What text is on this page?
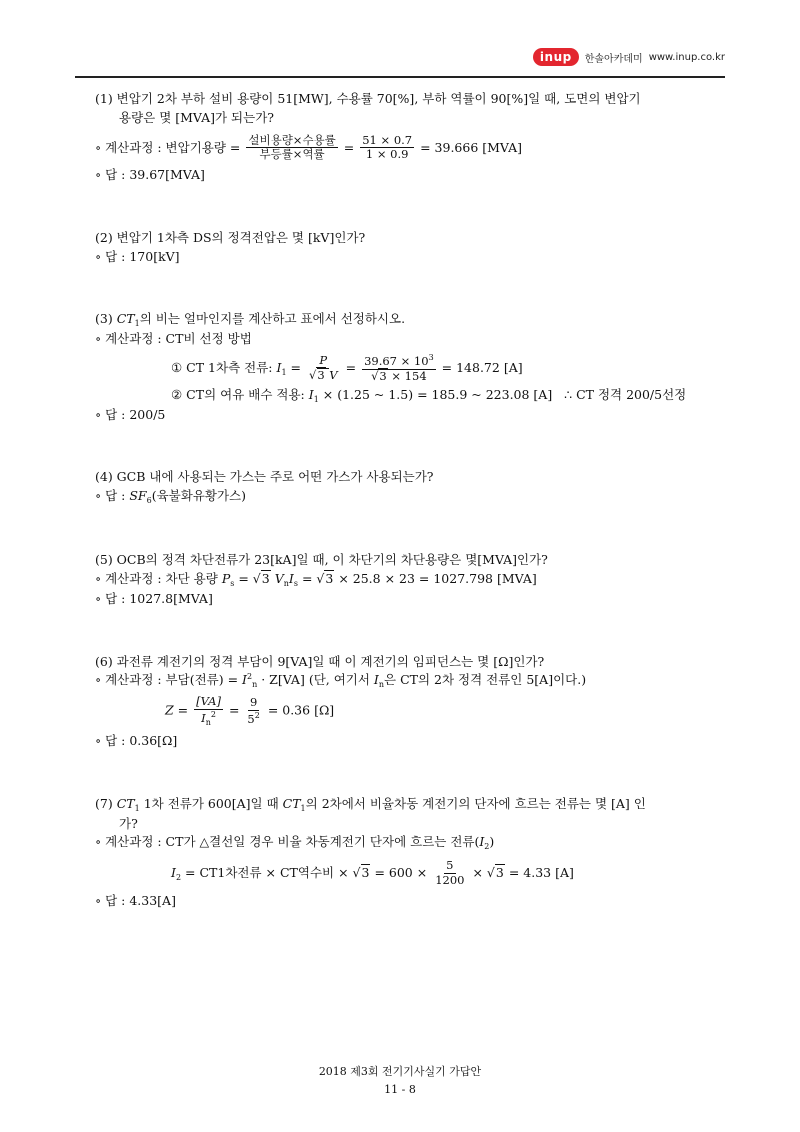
inup	한솔아카데미 www.inup.co.kr
(1) 변압기 2차 부하 설비 용량이 51[MW], 수용률 70[%], 부하 역률이 90[%]일 때, 도면의 변압기
용량은 몇 [MVA]가 되는가?
∘ 계산과정 : 변압기용량 = $\frac{\text{설비용량×수용률}}{\text{부등률×역률}} = \frac{51 \times 0.7}{1 \times 0.9} = 39.666$ [MVA]
∘ 답 : 39.67[MVA]
(2) 변압기 1차측 DS의 정격전압은 몇 [kV]인가?
∘ 답 : 170[kV]
(3) $CT_1$의 비는 얼마인지를 계산하고 표에서 선정하시오.
∘ 계산과정 : CT비 선정 방법
① CT 1차측 전류: $I_1 = \frac{P}{√3 V} = \frac{39.67 \times 10^3}{√3 \times 154} = 148.72$ [A]
② CT의 여유 배수 적용: $I_1 \times (1.25$ ~ 1.5) = 185.9 ~ 223.08 [A] ∴ CT 정격 200/5선정
∘ 답 : 200/5
(4) GCB 내에 사용되는 가스는 주로 어떤 가스가 사용되는가?
∘ 답 : $SF_6$(육불화유황가스)
(5) OCB의 정격 차단전류가 23[kA]일 때, 이 차단기의 차단용량은 몇[MVA]인가?
∘ 계산과정 : 차단 용량 $P_s = √3$ $V_nI_s = √3 \times 25.8 \times 23 = 1027.798$ [MVA]
∘ 답 : 1027.8[MVA]
(6) 과전류 계전기의 정격 부담이 9[VA]일 때 이 계전기의 임피던스는 몇 [Ω]인가?
∘ 계산과정 : 부담(전류) = $I^2_n \cdot Z[VA]$ (단, 여기서 $I_n$은 CT의 2차 정격 전류인 5[A]이다.)
$Z = \frac{[VA]}{I_n^2} = \frac{9}{5^2} = 0.36$ [Ω]
∘ 답 : 0.36[Ω]
(7) $CT_1$ 1차 전류가 600[A]일 때 $CT_1$의 2차에서 비율차동 계전기의 단자에 흐르는 전류는 몇 [A] 인
가?
∘ 계산과정 : CT가 △결선일 경우 비율 차동계전기 단자에 흐르는 전류$(I_2)$
$I_2 = CT1$차전류 × CT역수비 × $√3 = 600 \times \frac{5}{1200} \times √3 = 4.33$ [A]
∘ 답 : 4.33[A]
2018 제3회 전기기사실기 가답안
11 - 8
